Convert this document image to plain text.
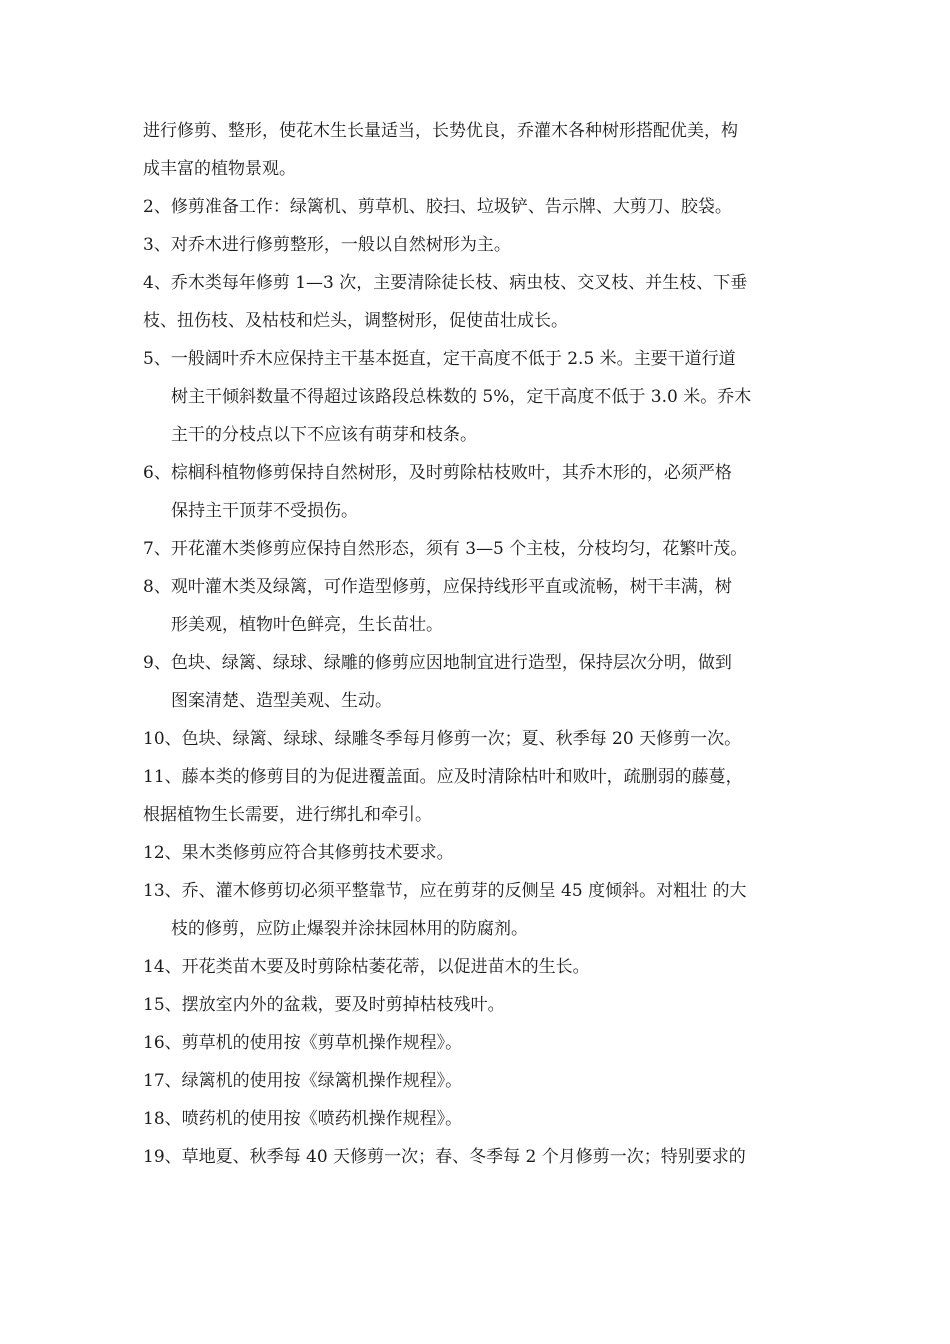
进行修剪、整形，使花木生长量适当，长势优良，乔灌木各种树形搭配优美，构
成丰富的植物景观。
2、修剪准备工作：绿篱机、剪草机、胶扫、垃圾铲、告示牌、大剪刀、胶袋。
3、对乔木进行修剪整形，一般以自然树形为主。
4、乔木类每年修剪 1—3 次，主要清除徒长枝、病虫枝、交叉枝、并生枝、下垂
枝、扭伤枝、及枯枝和烂头，调整树形，促使苗壮成长。
5、一般阔叶乔木应保持主干基本挺直，定干高度不低于 2.5 米。主要干道行道
树主干倾斜数量不得超过该路段总株数的 5%，定干高度不低于 3.0 米。乔木
主干的分枝点以下不应该有萌芽和枝条。
6、棕榈科植物修剪保持自然树形，及时剪除枯枝败叶，其乔木形的，必须严格
保持主干顶芽不受损伤。
7、开花灌木类修剪应保持自然形态，须有 3—5 个主枝，分枝均匀，花繁叶茂。
8、观叶灌木类及绿篱，可作造型修剪，应保持线形平直或流畅，树干丰满，树
形美观，植物叶色鲜亮，生长苗壮。
9、色块、绿篱、绿球、绿雕的修剪应因地制宜进行造型，保持层次分明，做到
图案清楚、造型美观、生动。
10、色块、绿篱、绿球、绿雕冬季每月修剪一次；夏、秋季每 20 天修剪一次。
11、藤本类的修剪目的为促进覆盖面。应及时清除枯叶和败叶，疏删弱的藤蔓，
根据植物生长需要，进行绑扎和牵引。
12、果木类修剪应符合其修剪技术要求。
13、乔、灌木修剪切必须平整靠节，应在剪芽的反侧呈 45 度倾斜。对粗壮 的大
枝的修剪，应防止爆裂并涂抹园林用的防腐剂。
14、开花类苗木要及时剪除枯萎花蒂，以促进苗木的生长。
15、摆放室内外的盆栽，要及时剪掉枯枝残叶。
16、剪草机的使用按《剪草机操作规程》。
17、绿篱机的使用按《绿篱机操作规程》。
18、喷药机的使用按《喷药机操作规程》。
19、草地夏、秋季每 40 天修剪一次；春、冬季每 2 个月修剪一次；特别要求的
